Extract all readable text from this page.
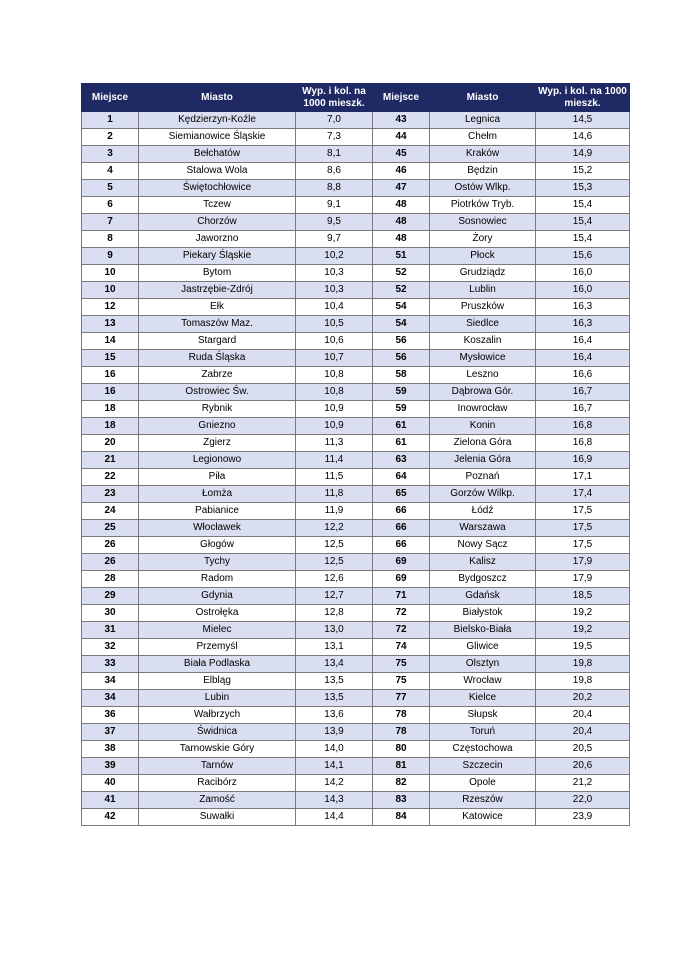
Miejsce	Miasto	Wyp. i kol. na 1000 mieszk.	Miejsce	Miasto	Wyp. i kol. na 1000 mieszk.
1	Kędzierzyn-Koźle	7,0	43	Legnica	14,5
2	Siemianowice Śląskie	7,3	44	Chełm	14,6
3	Bełchatów	8,1	45	Kraków	14,9
4	Stalowa Wola	8,6	46	Będzin	15,2
5	Świętochłowice	8,8	47	Ostów Wlkp.	15,3
6	Tczew	9,1	48	Piotrków Tryb.	15,4
7	Chorzów	9,5	48	Sosnowiec	15,4
8	Jaworzno	9,7	48	Żory	15,4
9	Piekary Śląskie	10,2	51	Płock	15,6
10	Bytom	10,3	52	Grudziądz	16,0
10	Jastrzębie-Zdrój	10,3	52	Lublin	16,0
12	Ełk	10,4	54	Pruszków	16,3
13	Tomaszów Maz.	10,5	54	Siedlce	16,3
14	Stargard	10,6	56	Koszalin	16,4
15	Ruda Śląska	10,7	56	Mysłowice	16,4
16	Zabrze	10,8	58	Leszno	16,6
16	Ostrowiec Św.	10,8	59	Dąbrowa Gór.	16,7
18	Rybnik	10,9	59	Inowrocław	16,7
18	Gniezno	10,9	61	Konin	16,8
20	Zgierz	11,3	61	Zielona Góra	16,8
21	Legionowo	11,4	63	Jelenia Góra	16,9
22	Piła	11,5	64	Poznań	17,1
23	Łomża	11,8	65	Gorzów Wilkp.	17,4
24	Pabianice	11,9	66	Łódź	17,5
25	Włocławek	12,2	66	Warszawa	17,5
26	Głogów	12,5	66	Nowy Sącz	17,5
26	Tychy	12,5	69	Kalisz	17,9
28	Radom	12,6	69	Bydgoszcz	17,9
29	Gdynia	12,7	71	Gdańsk	18,5
30	Ostrołęka	12,8	72	Białystok	19,2
31	Mielec	13,0	72	Bielsko-Biała	19,2
32	Przemyśl	13,1	74	Gliwice	19,5
33	Biała Podlaska	13,4	75	Olsztyn	19,8
34	Elbląg	13,5	75	Wrocław	19,8
34	Lubin	13,5	77	Kielce	20,2
36	Wałbrzych	13,6	78	Słupsk	20,4
37	Świdnica	13,9	78	Toruń	20,4
38	Tarnowskie Góry	14,0	80	Częstochowa	20,5
39	Tarnów	14,1	81	Szczecin	20,6
40	Racibórz	14,2	82	Opole	21,2
41	Zamość	14,3	83	Rzeszów	22,0
42	Suwałki	14,4	84	Katowice	23,9
